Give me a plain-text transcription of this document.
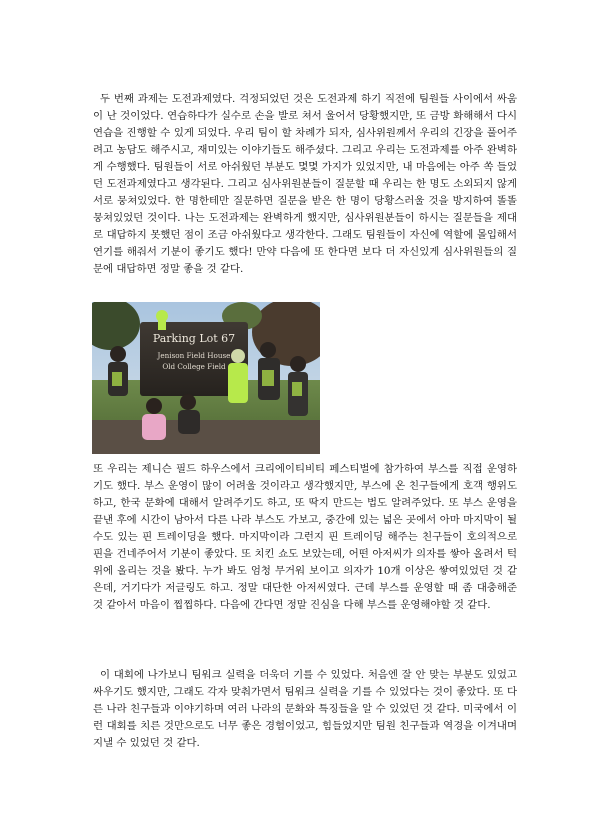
두 번째 과제는 도전과제였다. 걱정되었던 것은 도전과제 하기 직전에 팀원들 사이에서 싸움이 난 것이었다. 연습하다가 실수로 손을 발로 쳐서 울어서 당황했지만, 또 금방 화해해서 다시 연습을 진행할 수 있게 되었다. 우리 팀이 할 차례가 되자, 심사위원께서 우리의 긴장을 풀어주려고 농담도 해주시고, 재미있는 이야기들도 해주셨다. 그리고 우리는 도전과제를 아주 완벽하게 수행했다. 팀원들이 서로 아쉬웠던 부분도 몇몇 가지가 있었지만, 내 마음에는 아주 쏙 들었던 도전과제였다고 생각된다. 그리고 심사위원분들이 질문할 때 우리는 한 명도 소외되지 않게 서로 뭉쳐있었다. 한 명한테만 질문하면 질문을 받은 한 명이 당황스러울 것을 방지하여 똘똘 뭉쳐있었던 것이다. 나는 도전과제는 완벽하게 했지만, 심사위원분들이 하시는 질문들을 제대로 대답하지 못했던 점이 조금 아쉬웠다고 생각한다. 그래도 팀원들이 자신에 역할에 몰입해서 연기를 해줘서 기분이 좋기도 했다! 만약 다음에 또 한다면 보다 더 자신있게 심사위원들의 질문에 대답하면 정말 좋을 것 같다.

Parking Lot 67
Jenison Field House
Old College Field

또 우리는 제니슨 필드 하우스에서 크리에이티비티 페스티벌에 참가하여 부스를 직접 운영하기도 했다. 부스 운영이 많이 어려울 것이라고 생각했지만, 부스에 온 친구들에게 호객 행위도 하고, 한국 문화에 대해서 알려주기도 하고, 또 딱지 만드는 법도 알려주었다. 또 부스 운영을 끝낸 후에 시간이 남아서 다른 나라 부스도 가보고, 중간에 있는 넓은 곳에서 아마 마지막이 될 수도 있는 핀 트레이딩을 했다. 마지막이라 그런지 핀 트레이딩 해주는 친구들이 호의적으로 핀을 건네주어서 기분이 좋았다. 또 치킨 쇼도 보았는데, 어떤 아저씨가 의자를 쌓아 올려서 턱 위에 올리는 것을 봤다. 누가 봐도 엄청 무거워 보이고 의자가 10개 이상은 쌓여있었던 것 같은데, 거기다가 저글링도 하고. 정말 대단한 아저씨였다. 근데 부스를 운영할 때 좀 대충해준 것 같아서 마음이 찝찝하다. 다음에 간다면 정말 진심을 다해 부스를 운영해야할 것 같다.

이 대회에 나가보니 팀워크 실력을 더욱더 기를 수 있었다. 처음엔 잘 안 맞는 부분도 있었고 싸우기도 했지만, 그래도 각자 맞춰가면서 팀워크 실력을 기를 수 있었다는 것이 좋았다. 또 다른 나라 친구들과 이야기하며 여러 나라의 문화와 특징들을 알 수 있었던 것 같다. 미국에서 이런 대회를 치른 것만으로도 너무 좋은 경험이었고, 힘들었지만 팀원 친구들과 역경을 이겨내며 지낼 수 있었던 것 같다.
